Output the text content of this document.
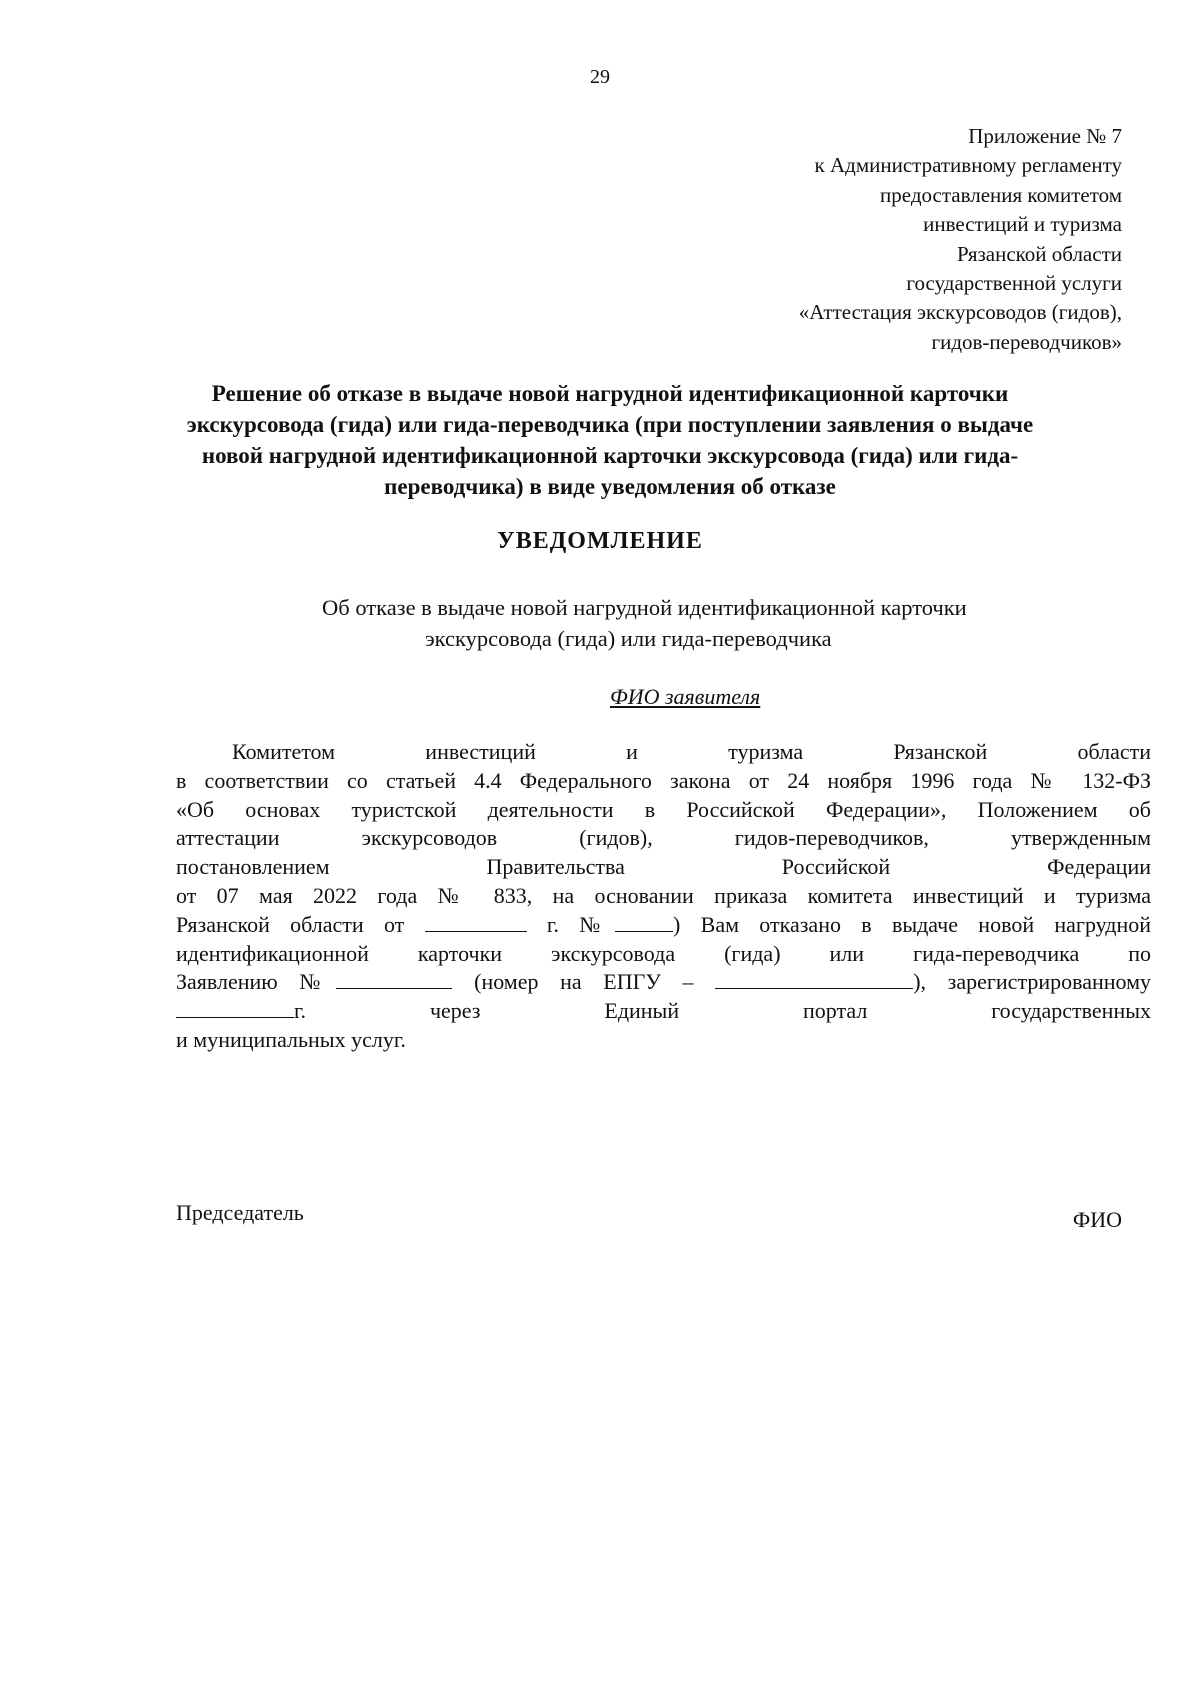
29
Приложение № 7
к Административному регламенту
предоставления комитетом
инвестиций и туризма
Рязанской области
государственной услуги
«Аттестация экскурсоводов (гидов),
гидов-переводчиков»
Решение об отказе в выдаче новой нагрудной идентификационной карточки
экскурсовода (гида) или гида-переводчика (при поступлении заявления о выдаче
новой нагрудной идентификационной карточки экскурсовода (гида) или гида-
переводчика) в виде уведомления об отказе
УВЕДОМЛЕНИЕ
Об отказе в выдаче новой нагрудной идентификационной карточки
экскурсовода (гида) или гида-переводчика
ФИО заявителя
Комитетом инвестиций и туризма Рязанской области
в соответствии со статьей 4.4 Федерального закона от 24 ноября 1996 года № 132-ФЗ
«Об основах туристской деятельности в Российской Федерации», Положением об
аттестации экскурсоводов (гидов), гидов-переводчиков, утвержденным
постановлением Правительства Российской Федерации
от 07 мая 2022 года № 833, на основании приказа комитета инвестиций и туризма
Рязанской области от	г. №	) Вам отказано в выдаче новой нагрудной
идентификационной карточки экскурсовода (гида) или гида-переводчика по
Заявлению №	(номер на ЕПГУ –	), зарегистрированному
г.	через Единый портал государственных
и муниципальных услуг.
Председатель	ФИО
